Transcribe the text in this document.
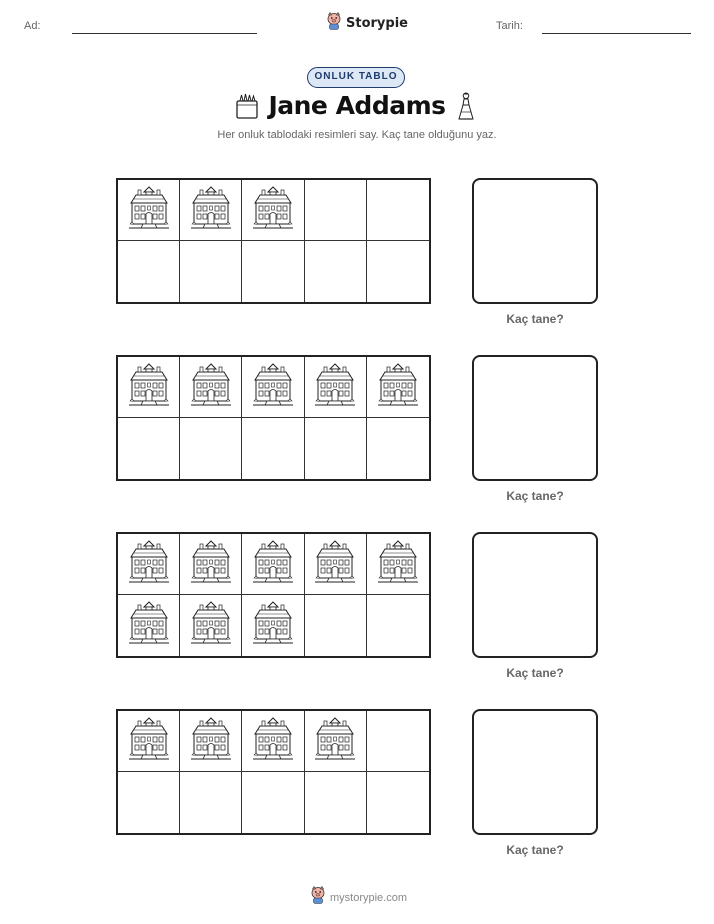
Ad:	Storypie	Tarih:
ONLUK TABLO
Jane Addams
Her onluk tablodaki resimleri say. Kaç tane olduğunu yaz.
Kaç tane?
Kaç tane?
Kaç tane?
Kaç tane?
mystorypie.com
